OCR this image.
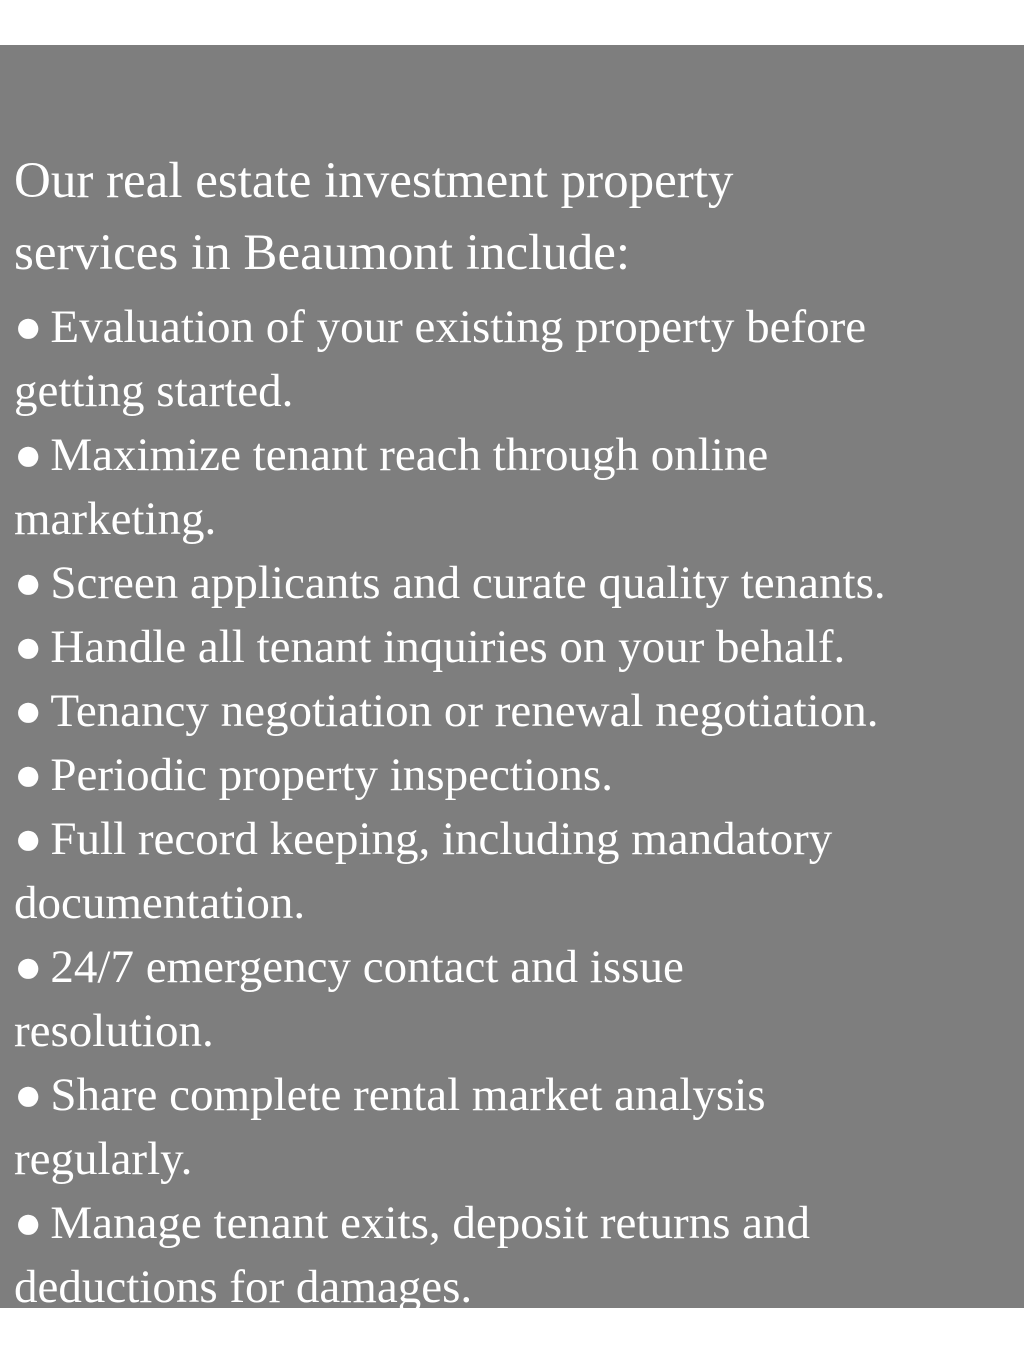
Our real estate investment property
services in Beaumont include:
● Evaluation of your existing property before
getting started.
● Maximize tenant reach through online
marketing.
● Screen applicants and curate quality tenants.
● Handle all tenant inquiries on your behalf.
● Tenancy negotiation or renewal negotiation.
● Periodic property inspections.
● Full record keeping, including mandatory
documentation.
● 24/7 emergency contact and issue
resolution.
● Share complete rental market analysis
regularly.
● Manage tenant exits, deposit returns and
deductions for damages.
